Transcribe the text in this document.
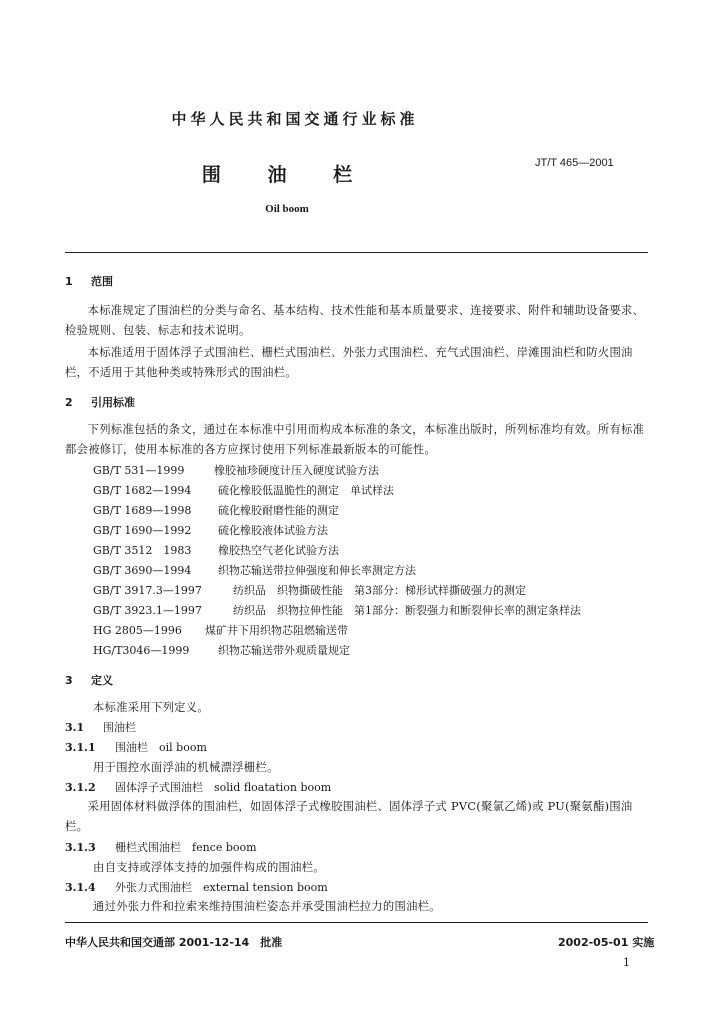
中华人民共和国交通行业标准
围 油 栏
JT/T 465—2001
Oil boom
1 范围
本标准规定了围油栏的分类与命名、基本结构、技术性能和基本质量要求、连接要求、附件和辅助设备要求、检验规则、包装、标志和技术说明。
本标准适用于固体浮子式围油栏、栅栏式围油栏、外张力式围油栏、充气式围油栏、岸滩围油栏和防火围油栏，不适用于其他种类或特殊形式的围油栏。
2 引用标准
下列标准包括的条文，通过在本标准中引用而构成本标准的条文，本标准出版时，所列标准均有效。所有标准都会被修订，使用本标准的各方应探讨使用下列标准最新版本的可能性。
GB/T 531—1999	橡胶袖珍硬度计压入硬度试验方法
GB/T 1682—1994 硫化橡胶低温脆性的测定　单试样法
GB/T 1689—1998 硫化橡胶耐磨性能的测定
GB/T 1690—1992 硫化橡胶液体试验方法
GB/T 3512　1983 橡胶热空气老化试验方法
GB/T 3690—1994 织物芯输送带拉伸强度和伸长率测定方法
GB/T 3917.3—1997	纺织品　织物撕破性能　第3部分：梯形试样撕破强力的测定
GB/T 3923.1—1997	纺织品　织物拉伸性能　第1部分：断裂强力和断裂伸长率的测定条样法
HG 2805—1996 煤矿井下用织物芯阻燃输送带
HG/T3046—1999	织物芯输送带外观质量规定
3 定义
本标准采用下列定义。
3.1 围油栏
3.1.1 围油栏　oil boom
用于围控水面浮油的机械漂浮栅栏。
3.1.2 固体浮子式围油栏　solid floatation boom
采用固体材料做浮体的围油栏，如固体浮子式橡胶围油栏、固体浮子式 PVC(聚氯乙烯)或 PU(聚氨酯)围油栏。
3.1.3 栅栏式围油栏　fence boom
由自支持或浮体支持的加强件构成的围油栏。
3.1.4 外张力式围油栏　external tension boom
通过外张力件和拉索来维持围油栏姿态并承受围油栏拉力的围油栏。
中华人民共和国交通部 2001-12-14　批准	2002-05-01 实施
1
